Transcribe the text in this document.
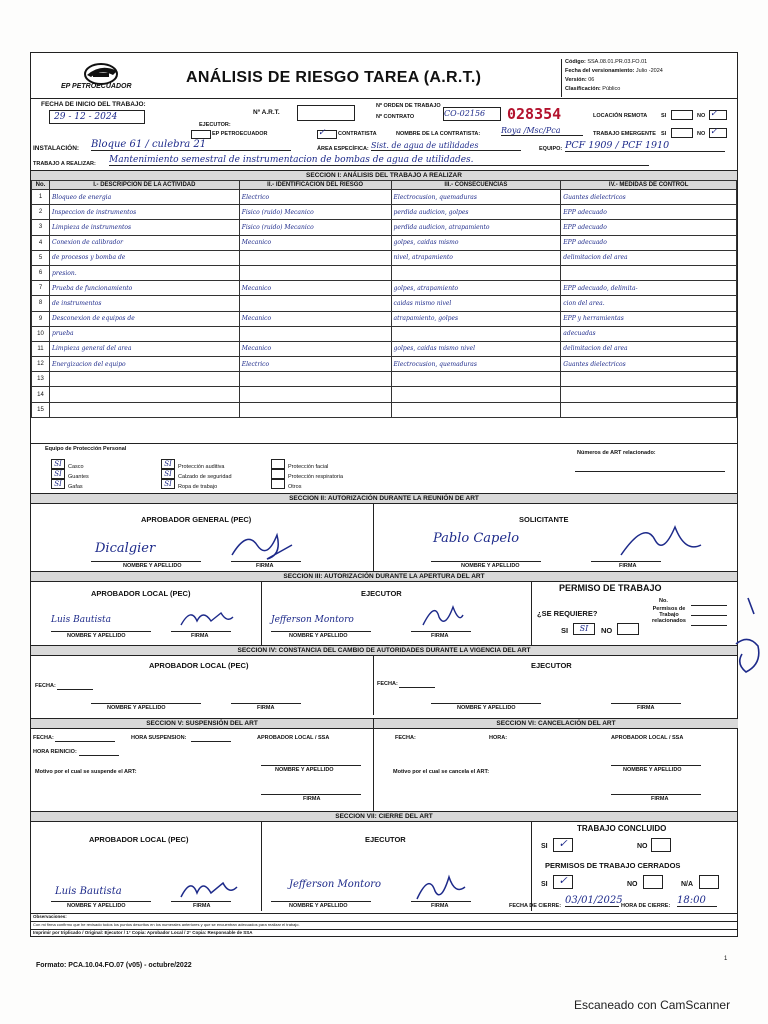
EP PETROECUADOR
ANÁLISIS DE RIESGO TAREA (A.R.T.)
Código: SSA.08.01.PR.03.FO.01
Fecha del versionamiento: Julio -2024
Versión: 06
Clasificación: Público
FECHA DE INICIO DEL TRABAJO:
29 - 12 - 2024	Nº A.R.T.
Nº ORDEN DE TRABAJO
Nº CONTRATO	CO-02156	028354	LOCACIÓN REMOTA SI	NO ✓
EJECUTOR:
EP PETROECUADOR	✓	CONTRATISTA	NOMBRE DE LA CONTRATISTA:	Roya /Msc/Pca	TRABAJO EMERGENTE SI	NO ✓
INSTALACIÓN: Bloque 61 / culebra 21	ÁREA ESPECÍFICA: Sist. de agua de utilidades	EQUIPO: PCF 1909 / PCF 1910
TRABAJO A REALIZAR: Mantenimiento semestral de instrumentacion de bombas de agua de utilidades.
SECCION I: ANÁLISIS DEL TRABAJO A REALIZAR
No.	I.- DESCRIPCIÓN DE LA ACTIVIDAD	II.- IDENTIFICACIÓN DEL RIESGO	III.- CONSECUENCIAS	IV.- MEDIDAS DE CONTROL
1	Bloqueo de energia	Electrico	Electrocusion, quemaduras	Guantes dielectricos
2	Inspeccion de instrumentos	Fisico (ruido) Mecanico	perdida audicion, golpes	EPP adecuado
3	Limpieza de instrumentos	Fisico (ruido) Mecanico	perdida audicion, atrapamiento	EPP adecuado
4	Conexion de calibrador	Mecanico	golpes, caidas mismo	EPP adecuado
5	de procesos y bomba de		nivel, atrapamiento	delimitacion del area
6	presion.			
7	Prueba de funcionamiento	Mecanico	golpes, atrapamiento	EPP adecuado, delimita-
8	de instrumentos		caidas mismo nivel	cion del area.
9	Desconexion de equipos de	Mecanico	atrapamiento, golpes	EPP y herramientas
10	prueba			adecuadas
11	Limpieza general del area	Mecanico	golpes, caidas mismo nivel	delimitacion del area
12	Energizacion del equipo	Electrico	Electrocusion, quemaduras	Guantes dielectricos
13				
14				
15				
Equipo de Protección Personal
SI Casco
SI Guantes
SI Gafas
SI Protección auditiva
SI Calzado de seguridad
SI Ropa de trabajo
Protección facial
Protección respiratoria
Otros
Números de ART relacionado:
SECCION II: AUTORIZACIÓN DURANTE LA REUNIÓN DE ART
APROBADOR GENERAL (PEC)	SOLICITANTE
Dicalgier
Pablo Capelo
NOMBRE Y APELLIDO	FIRMA	NOMBRE Y APELLIDO	FIRMA
SECCION III: AUTORIZACIÓN DURANTE LA APERTURA DEL ART
APROBADOR LOCAL (PEC)	EJECUTOR
PERMISO DE TRABAJO
Luis Bautista	Jefferson Montoro
NOMBRE Y APELLIDO	FIRMA	NOMBRE Y APELLIDO	FIRMA
No.
Permisos de Trabajo relacionados
¿SE REQUIERE?
SI	SI	NO
SECCION IV: CONSTANCIA DEL CAMBIO DE AUTORIDADES DURANTE LA VIGENCIA DEL ART
APROBADOR LOCAL (PEC)	EJECUTOR
FECHA:	FECHA:
NOMBRE Y APELLIDO	FIRMA	NOMBRE Y APELLIDO	FIRMA
SECCION V: SUSPENSIÓN DEL ART	SECCION VI: CANCELACIÓN DEL ART
FECHA:	HORA SUSPENSION:	APROBADOR LOCAL / SSA
HORA REINICIO:
Motivo por el cual se suspende el ART:	NOMBRE Y APELLIDO
FIRMA
FECHA:	HORA:	APROBADOR LOCAL / SSA
Motivo por el cual se cancela el ART:	NOMBRE Y APELLIDO
FIRMA
SECCION VII: CIERRE DEL ART
APROBADOR LOCAL (PEC)	EJECUTOR
TRABAJO CONCLUIDO
SI ✓	NO
PERMISOS DE TRABAJO CERRADOS
SI ✓	NO	N/A
FECHA DE CIERRE: 03/01/2025
HORA DE CIERRE: 18:00
Luis Bautista
Jefferson Montoro
NOMBRE Y APELLIDO	FIRMA	NOMBRE Y APELLIDO	FIRMA
Observaciones:
Con mi firma confirmo que he revisado todos los puntos descritos en los numerales anteriores y que se encuentran adecuados para realizar el trabajo.
Imprimir por triplicado / Original: Ejecutor / 1° Copia: Aprobador Local / 2° Copia: Responsable de SSA
Formato: PCA.10.04.FO.07 (v05) - octubre/2022
1
Escaneado con CamScanner
